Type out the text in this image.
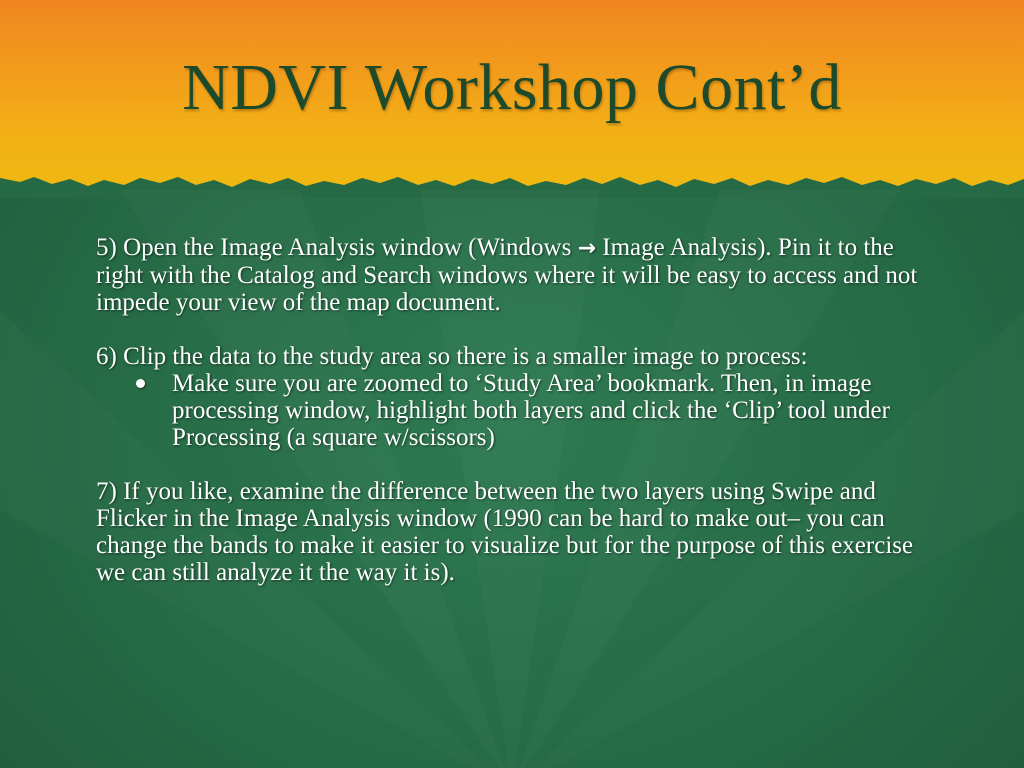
NDVI Workshop Cont’d

5) Open the Image Analysis window (Windows → Image Analysis). Pin it to the right with the Catalog and Search windows where it will be easy to access and not impede your view of the map document.

6) Clip the data to the study area so there is a smaller image to process:

Make sure you are zoomed to ‘Study Area’ bookmark. Then, in image processing window, highlight both layers and click the ‘Clip’ tool under Processing (a square w/scissors)

7) If you like, examine the difference between the two layers using Swipe and Flicker in the Image Analysis window (1990 can be hard to make out– you can change the bands to make it easier to visualize but for the purpose of this exercise we can still analyze it the way it is).
